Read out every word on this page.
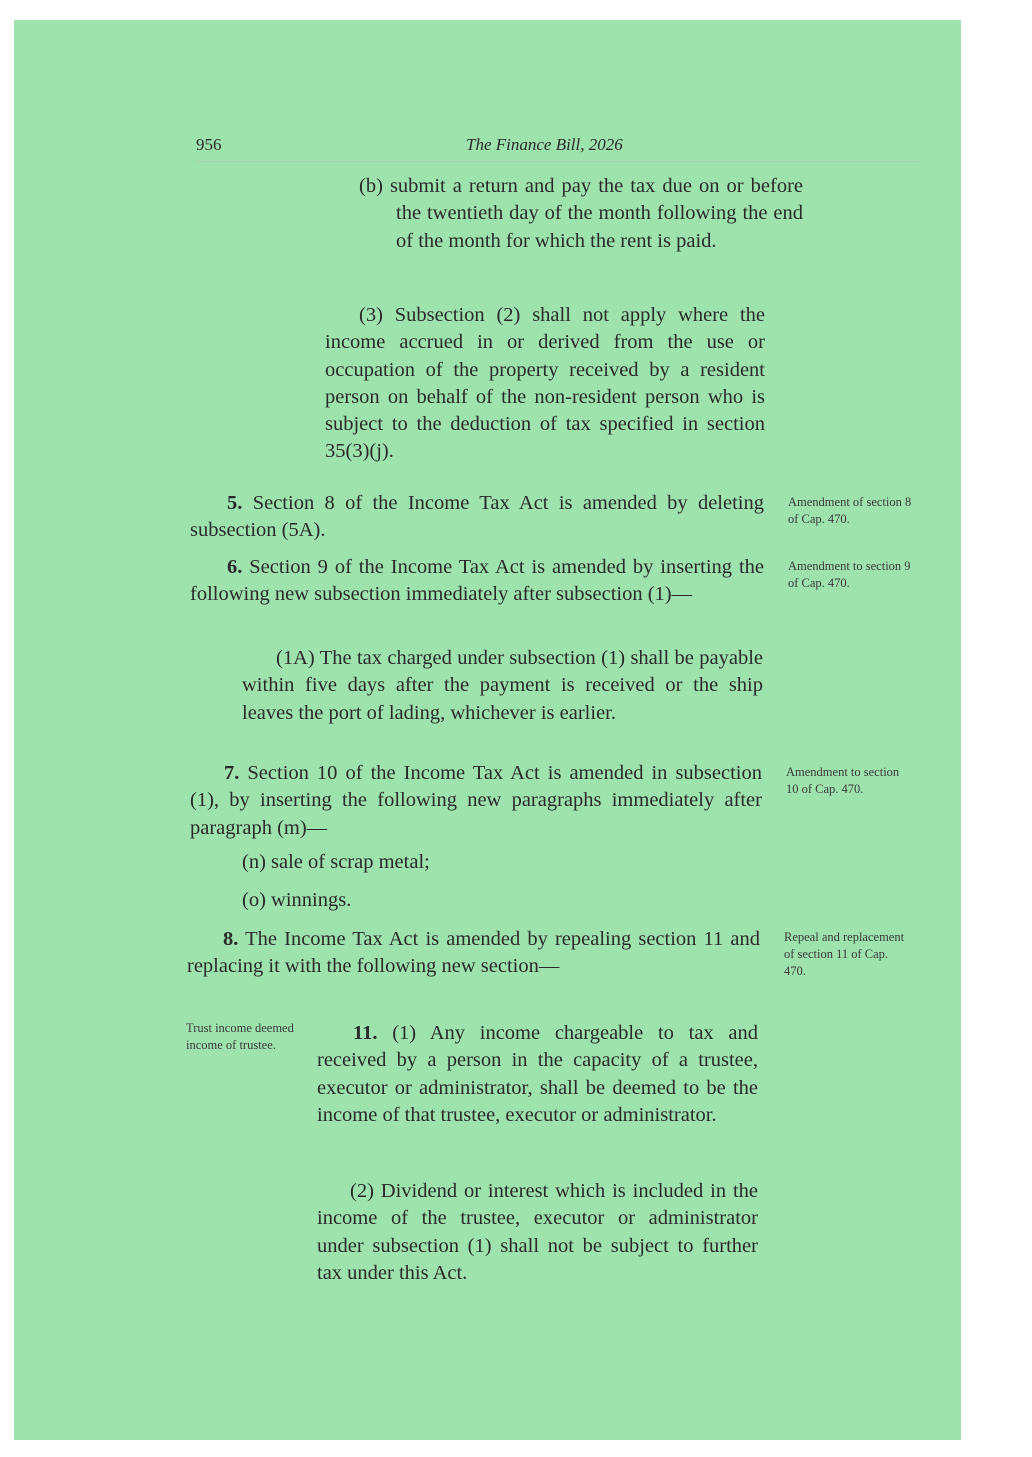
956	The Finance Bill, 2026
(b) submit a return and pay the tax due on or before the twentieth day of the month following the end of the month for which the rent is paid.
(3) Subsection (2) shall not apply where the income accrued in or derived from the use or occupation of the property received by a resident person on behalf of the non-resident person who is subject to the deduction of tax specified in section 35(3)(j).
5. Section 8 of the Income Tax Act is amended by deleting subsection (5A).
6. Section 9 of the Income Tax Act is amended by inserting the following new subsection immediately after subsection (1)—
(1A) The tax charged under subsection (1) shall be payable within five days after the payment is received or the ship leaves the port of lading, whichever is earlier.
7. Section 10 of the Income Tax Act is amended in subsection (1), by inserting the following new paragraphs immediately after paragraph (m)—
(n) sale of scrap metal;
(o) winnings.
8. The Income Tax Act is amended by repealing section 11 and replacing it with the following new section—
11. (1) Any income chargeable to tax and received by a person in the capacity of a trustee, executor or administrator, shall be deemed to be the income of that trustee, executor or administrator.
(2) Dividend or interest which is included in the income of the trustee, executor or administrator under subsection (1) shall not be subject to further tax under this Act.
Amendment of section 8 of Cap. 470.
Amendment to section 9 of Cap. 470.
Amendment to section 10 of Cap. 470.
Repeal and replacement of section 11 of Cap. 470.
Trust income deemed income of trustee.
